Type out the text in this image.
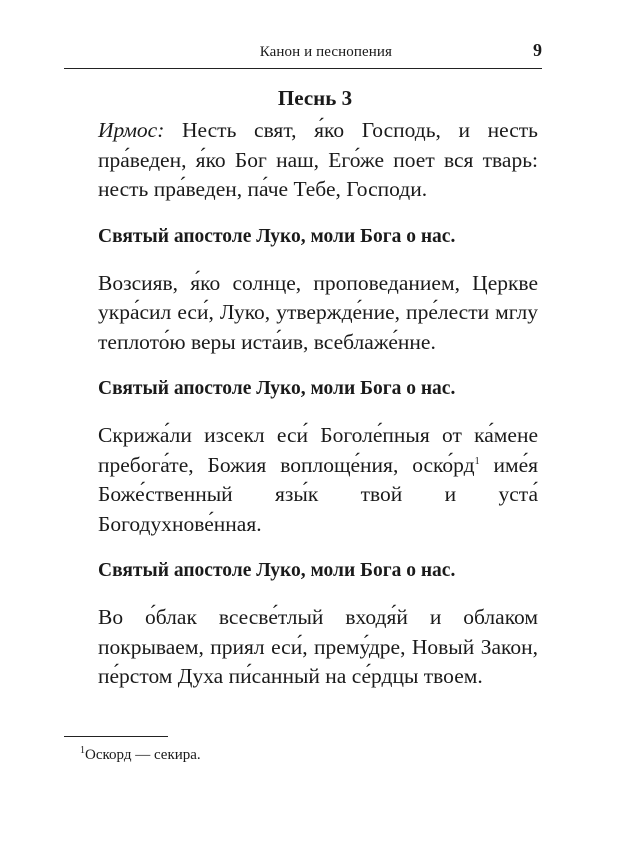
Канон и песнопения	9
Песнь 3

Ирмос: Несть свят, я́ко Господь, и несть пра́веден, я́ко Бог наш, Его́же поет вся тварь: несть пра́веден, па́че Тебе, Господи.

Святый апостоле Луко, моли Бога о нас.

Возсияв, я́ко солнце, проповеданием, Церкве укра́сил еси́, Луко, утвержде́ние, пре́лести мглу теплото́ю веры иста́ив, всеблаже́нне.

Святый апостоле Луко, моли Бога о нас.

Скрижа́ли изсекл еси́ Боголе́пныя от ка́мене пребога́те, Божия воплоще́ния, оско́рд$^1$ име́я Боже́ственный язы́к твой и уста́ Богодухнове́нная.

Святый апостоле Луко, моли Бога о нас.

Во о́блак всесве́тлый входя́й и облаком покрываем, приял еси́, прему́дре, Новый Закон, пе́рстом Духа пи́санный на се́рдцы твоем.

$^1$Оскорд — секира.
